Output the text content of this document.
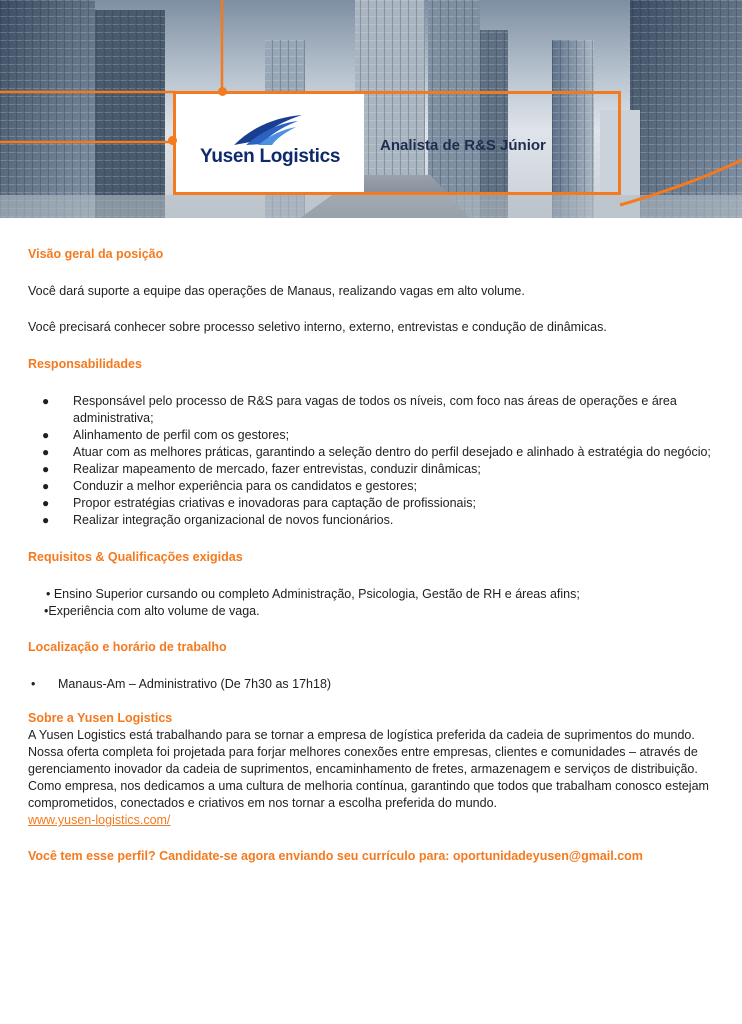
Yusen Logistics
Analista de R&S Júnior
Visão geral da posição

Você dará suporte a equipe das operações de Manaus, realizando vagas em alto volume.

Você precisará conhecer sobre processo seletivo interno, externo, entrevistas e condução de dinâmicas.

Responsabilidades
● Responsável pelo processo de R&S para vagas de todos os níveis, com foco nas áreas de operações e área administrativa;
● Alinhamento de perfil com os gestores;
● Atuar com as melhores práticas, garantindo a seleção dentro do perfil desejado e alinhado à estratégia do negócio;
● Realizar mapeamento de mercado, fazer entrevistas, conduzir dinâmicas;
● Conduzir a melhor experiência para os candidatos e gestores;
● Propor estratégias criativas e inovadoras para captação de profissionais;
● Realizar integração organizacional de novos funcionários.
Requisitos & Qualificações exigidas
• Ensino Superior cursando ou completo Administração, Psicologia, Gestão de RH e áreas afins;
•Experiência com alto volume de vaga.
Localização e horário de trabalho
• Manaus-Am – Administrativo (De 7h30 as 17h18)
Sobre a Yusen Logistics

A Yusen Logistics está trabalhando para se tornar a empresa de logística preferida da cadeia de suprimentos do mundo. Nossa oferta completa foi projetada para forjar melhores conexões entre empresas, clientes e comunidades – através de gerenciamento inovador da cadeia de suprimentos, encaminhamento de fretes, armazenagem e serviços de distribuição. Como empresa, nos dedicamos a uma cultura de melhoria contínua, garantindo que todos que trabalham conosco estejam comprometidos, conectados e criativos em nos tornar a escolha preferida do mundo.

www.yusen-logistics.com/
Você tem esse perfil? Candidate-se agora enviando seu currículo para: oportunidadeyusen@gmail.com
